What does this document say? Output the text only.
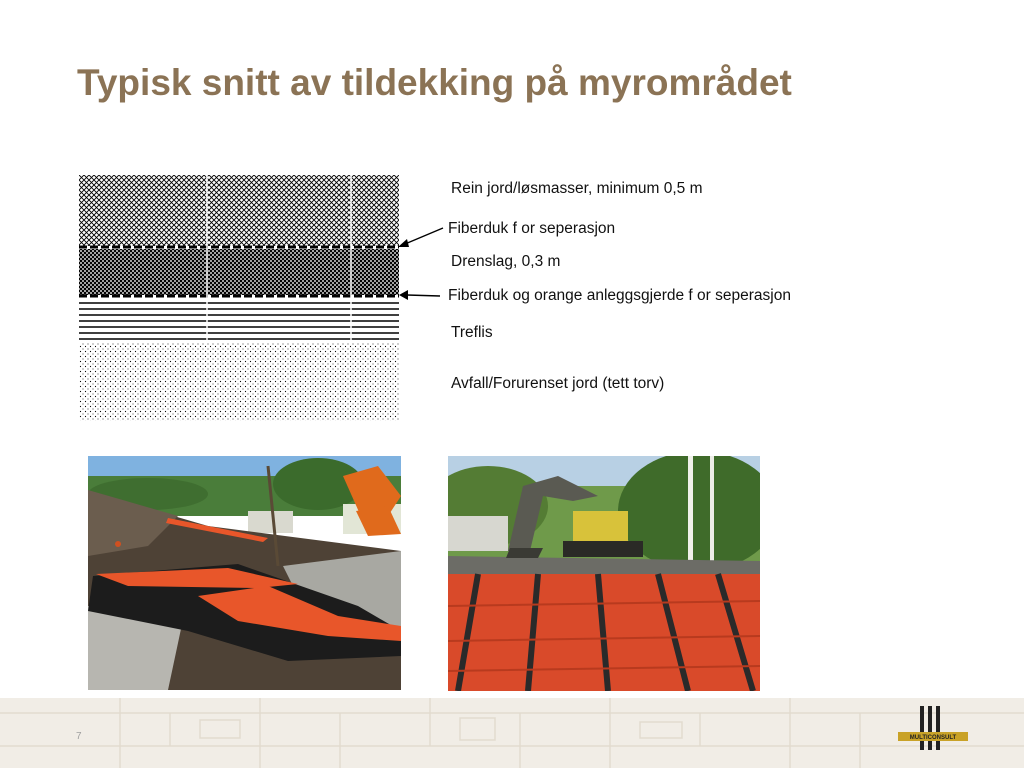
Typisk snitt av tildekking på myrområdet
Rein jord/løsmasser, minimum 0,5 m
Fiberduk f or seperasjon
Drenslag, 0,3 m
Fiberduk og orange anleggsgjerde f or seperasjon
Treflis
Avfall/Forurenset jord (tett torv)
7	MULTICONSULT
